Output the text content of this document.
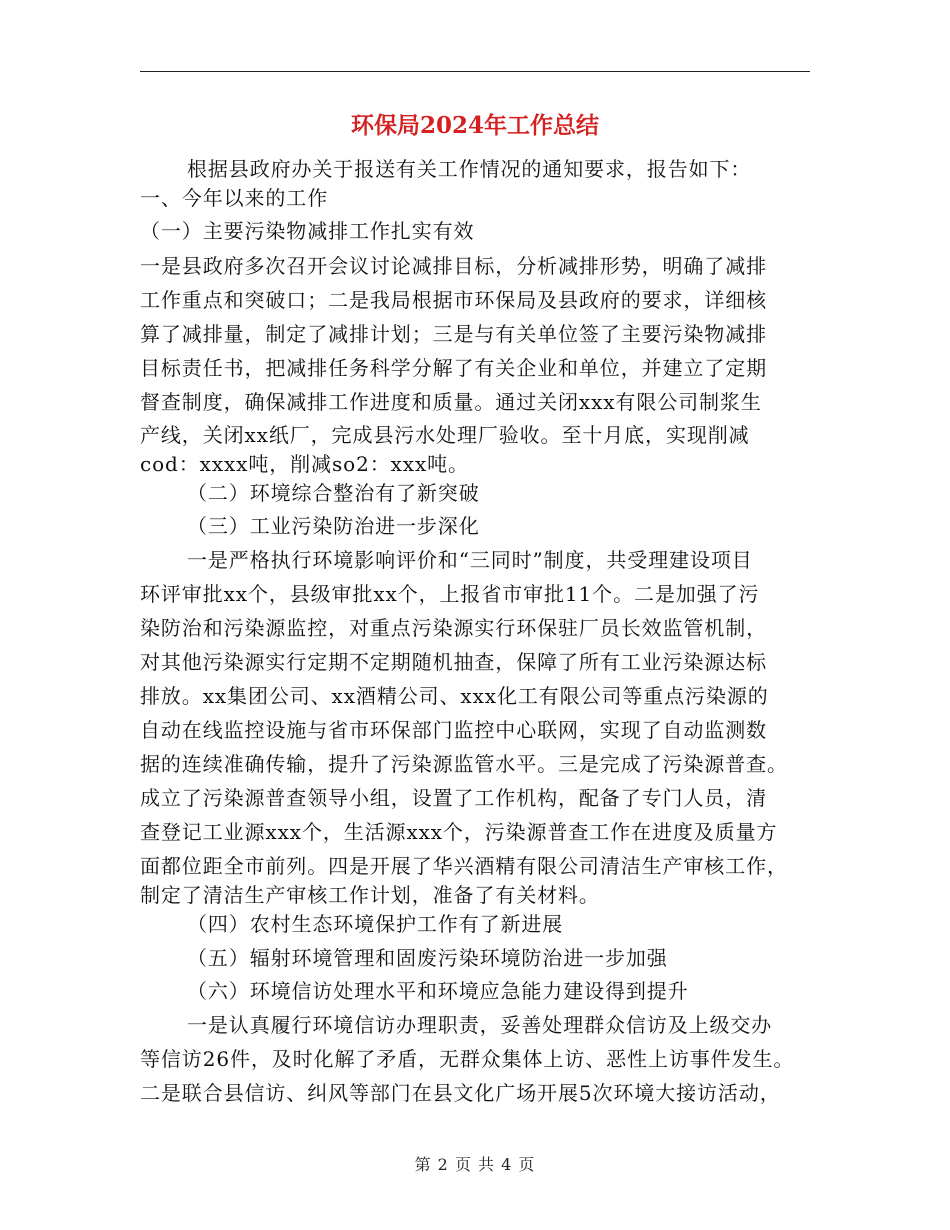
环保局2024年工作总结
根据县政府办关于报送有关工作情况的通知要求，报告如下：
一、今年以来的工作
（一）主要污染物减排工作扎实有效
一是县政府多次召开会议讨论减排目标，分析减排形势，明确了减排
工作重点和突破口；二是我局根据市环保局及县政府的要求，详细核
算了减排量，制定了减排计划；三是与有关单位签了主要污染物减排
目标责任书，把减排任务科学分解了有关企业和单位，并建立了定期
督查制度，确保减排工作进度和质量。通过关闭xxx有限公司制浆生
产线，关闭xx纸厂，完成县污水处理厂验收。至十月底，实现削减
cod：xxxx吨，削减so2：xxx吨。
（二）环境综合整治有了新突破
（三）工业污染防治进一步深化
一是严格执行环境影响评价和“三同时”制度，共受理建设项目
环评审批xx个，县级审批xx个，上报省市审批11个。二是加强了污
染防治和污染源监控，对重点污染源实行环保驻厂员长效监管机制，
对其他污染源实行定期不定期随机抽查，保障了所有工业污染源达标
排放。xx集团公司、xx酒精公司、xxx化工有限公司等重点污染源的
自动在线监控设施与省市环保部门监控中心联网，实现了自动监测数
据的连续准确传输，提升了污染源监管水平。三是完成了污染源普查。
成立了污染源普查领导小组，设置了工作机构，配备了专门人员，清
查登记工业源xxx个，生活源xxx个，污染源普查工作在进度及质量方
面都位距全市前列。四是开展了华兴酒精有限公司清洁生产审核工作，
制定了清洁生产审核工作计划，准备了有关材料。
（四）农村生态环境保护工作有了新进展
（五）辐射环境管理和固废污染环境防治进一步加强
（六）环境信访处理水平和环境应急能力建设得到提升
一是认真履行环境信访办理职责，妥善处理群众信访及上级交办
等信访26件，及时化解了矛盾，无群众集体上访、恶性上访事件发生。
二是联合县信访、纠风等部门在县文化广场开展5次环境大接访活动，
第 2 页 共 4 页
